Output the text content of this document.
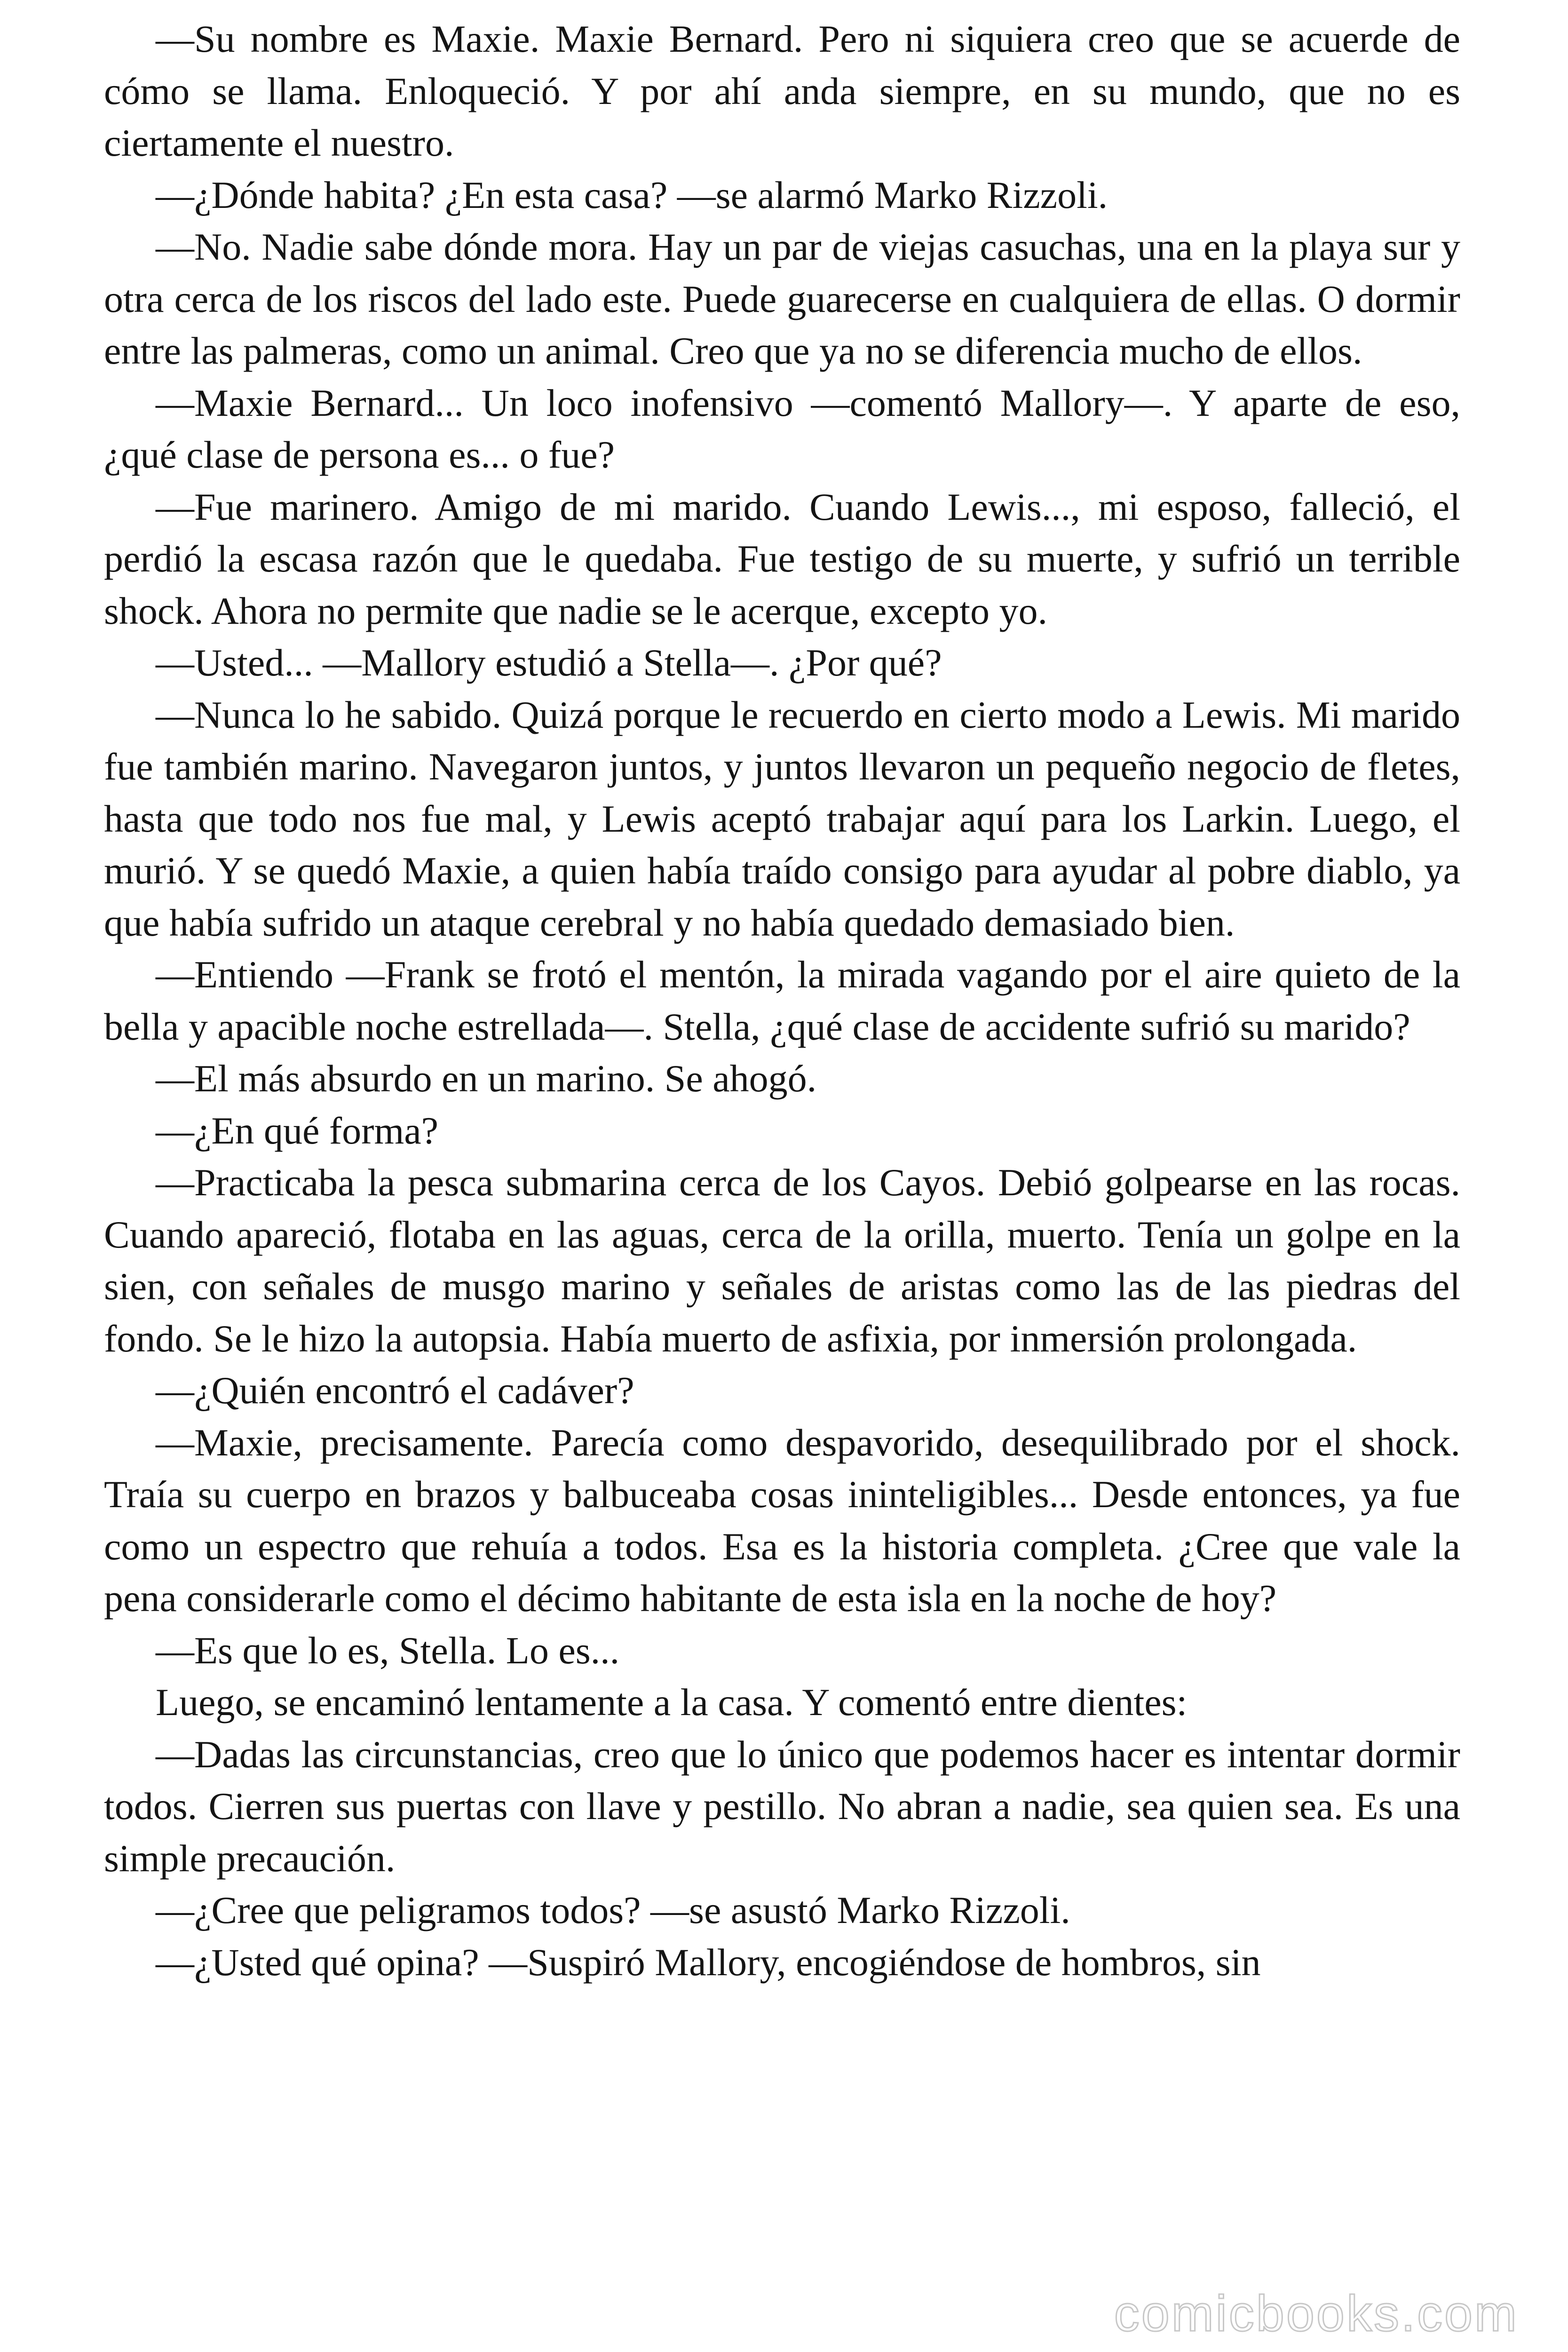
—Su nombre es Maxie. Maxie Bernard. Pero ni siquiera creo que se acuerde de cómo se llama. Enloqueció. Y por ahí anda siempre, en su mundo, que no es ciertamente el nuestro.

—¿Dónde habita? ¿En esta casa? —se alarmó Marko Rizzoli.

—No. Nadie sabe dónde mora. Hay un par de viejas casuchas, una en la playa sur y otra cerca de los riscos del lado este. Puede guarecerse en cualquiera de ellas. O dormir entre las palmeras, como un animal. Creo que ya no se diferencia mucho de ellos.

—Maxie Bernard... Un loco inofensivo —comentó Mallory—. Y aparte de eso, ¿qué clase de persona es... o fue?

—Fue marinero. Amigo de mi marido. Cuando Lewis..., mi esposo, falleció, el perdió la escasa razón que le quedaba. Fue testigo de su muerte, y sufrió un terrible shock. Ahora no permite que nadie se le acerque, excepto yo.

—Usted... —Mallory estudió a Stella—. ¿Por qué?

—Nunca lo he sabido. Quizá porque le recuerdo en cierto modo a Lewis. Mi marido fue también marino. Navegaron juntos, y juntos llevaron un pequeño negocio de fletes, hasta que todo nos fue mal, y Lewis aceptó trabajar aquí para los Larkin. Luego, el murió. Y se quedó Maxie, a quien había traído consigo para ayudar al pobre diablo, ya que había sufrido un ataque cerebral y no había quedado demasiado bien.

—Entiendo —Frank se frotó el mentón, la mirada vagando por el aire quieto de la bella y apacible noche estrellada—. Stella, ¿qué clase de accidente sufrió su marido?

—El más absurdo en un marino. Se ahogó.

—¿En qué forma?

—Practicaba la pesca submarina cerca de los Cayos. Debió golpearse en las rocas. Cuando apareció, flotaba en las aguas, cerca de la orilla, muerto. Tenía un golpe en la sien, con señales de musgo marino y señales de aristas como las de las piedras del fondo. Se le hizo la autopsia. Había muerto de asfixia, por inmersión prolongada.

—¿Quién encontró el cadáver?

—Maxie, precisamente. Parecía como despavorido, desequilibrado por el shock. Traía su cuerpo en brazos y balbuceaba cosas ininteligibles... Desde entonces, ya fue como un espectro que rehuía a todos. Esa es la historia completa. ¿Cree que vale la pena considerarle como el décimo habitante de esta isla en la noche de hoy?

—Es que lo es, Stella. Lo es...

Luego, se encaminó lentamente a la casa. Y comentó entre dientes:

—Dadas las circunstancias, creo que lo único que podemos hacer es intentar dormir todos. Cierren sus puertas con llave y pestillo. No abran a nadie, sea quien sea. Es una simple precaución.

—¿Cree que peligramos todos? —se asustó Marko Rizzoli.

—¿Usted qué opina? —Suspiró Mallory, encogiéndose de hombros, sin

comicbooks.com
